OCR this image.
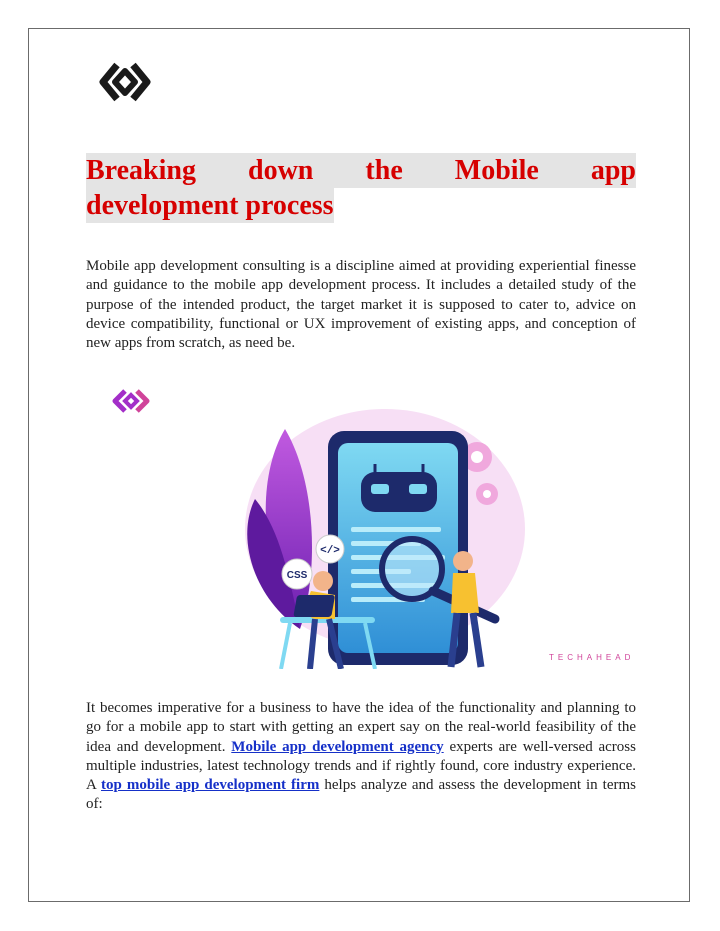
Breaking down the Mobile app
development process

Mobile app development consulting is a discipline aimed at providing experiential finesse and guidance to the mobile app development process. It includes a detailed study of the purpose of the intended product, the target market it is supposed to cater to, advice on device compatibility, functional or UX improvement of existing apps, and conception of new apps from scratch, as need be.

</>
CSS
TECHAHEAD

It becomes imperative for a business to have the idea of the functionality and planning to go for a mobile app to start with getting an expert say on the real-world feasibility of the idea and development. Mobile app development agency experts are well-versed across multiple industries, latest technology trends and if rightly found, core industry experience. A top mobile app development firm helps analyze and assess the development in terms of:
